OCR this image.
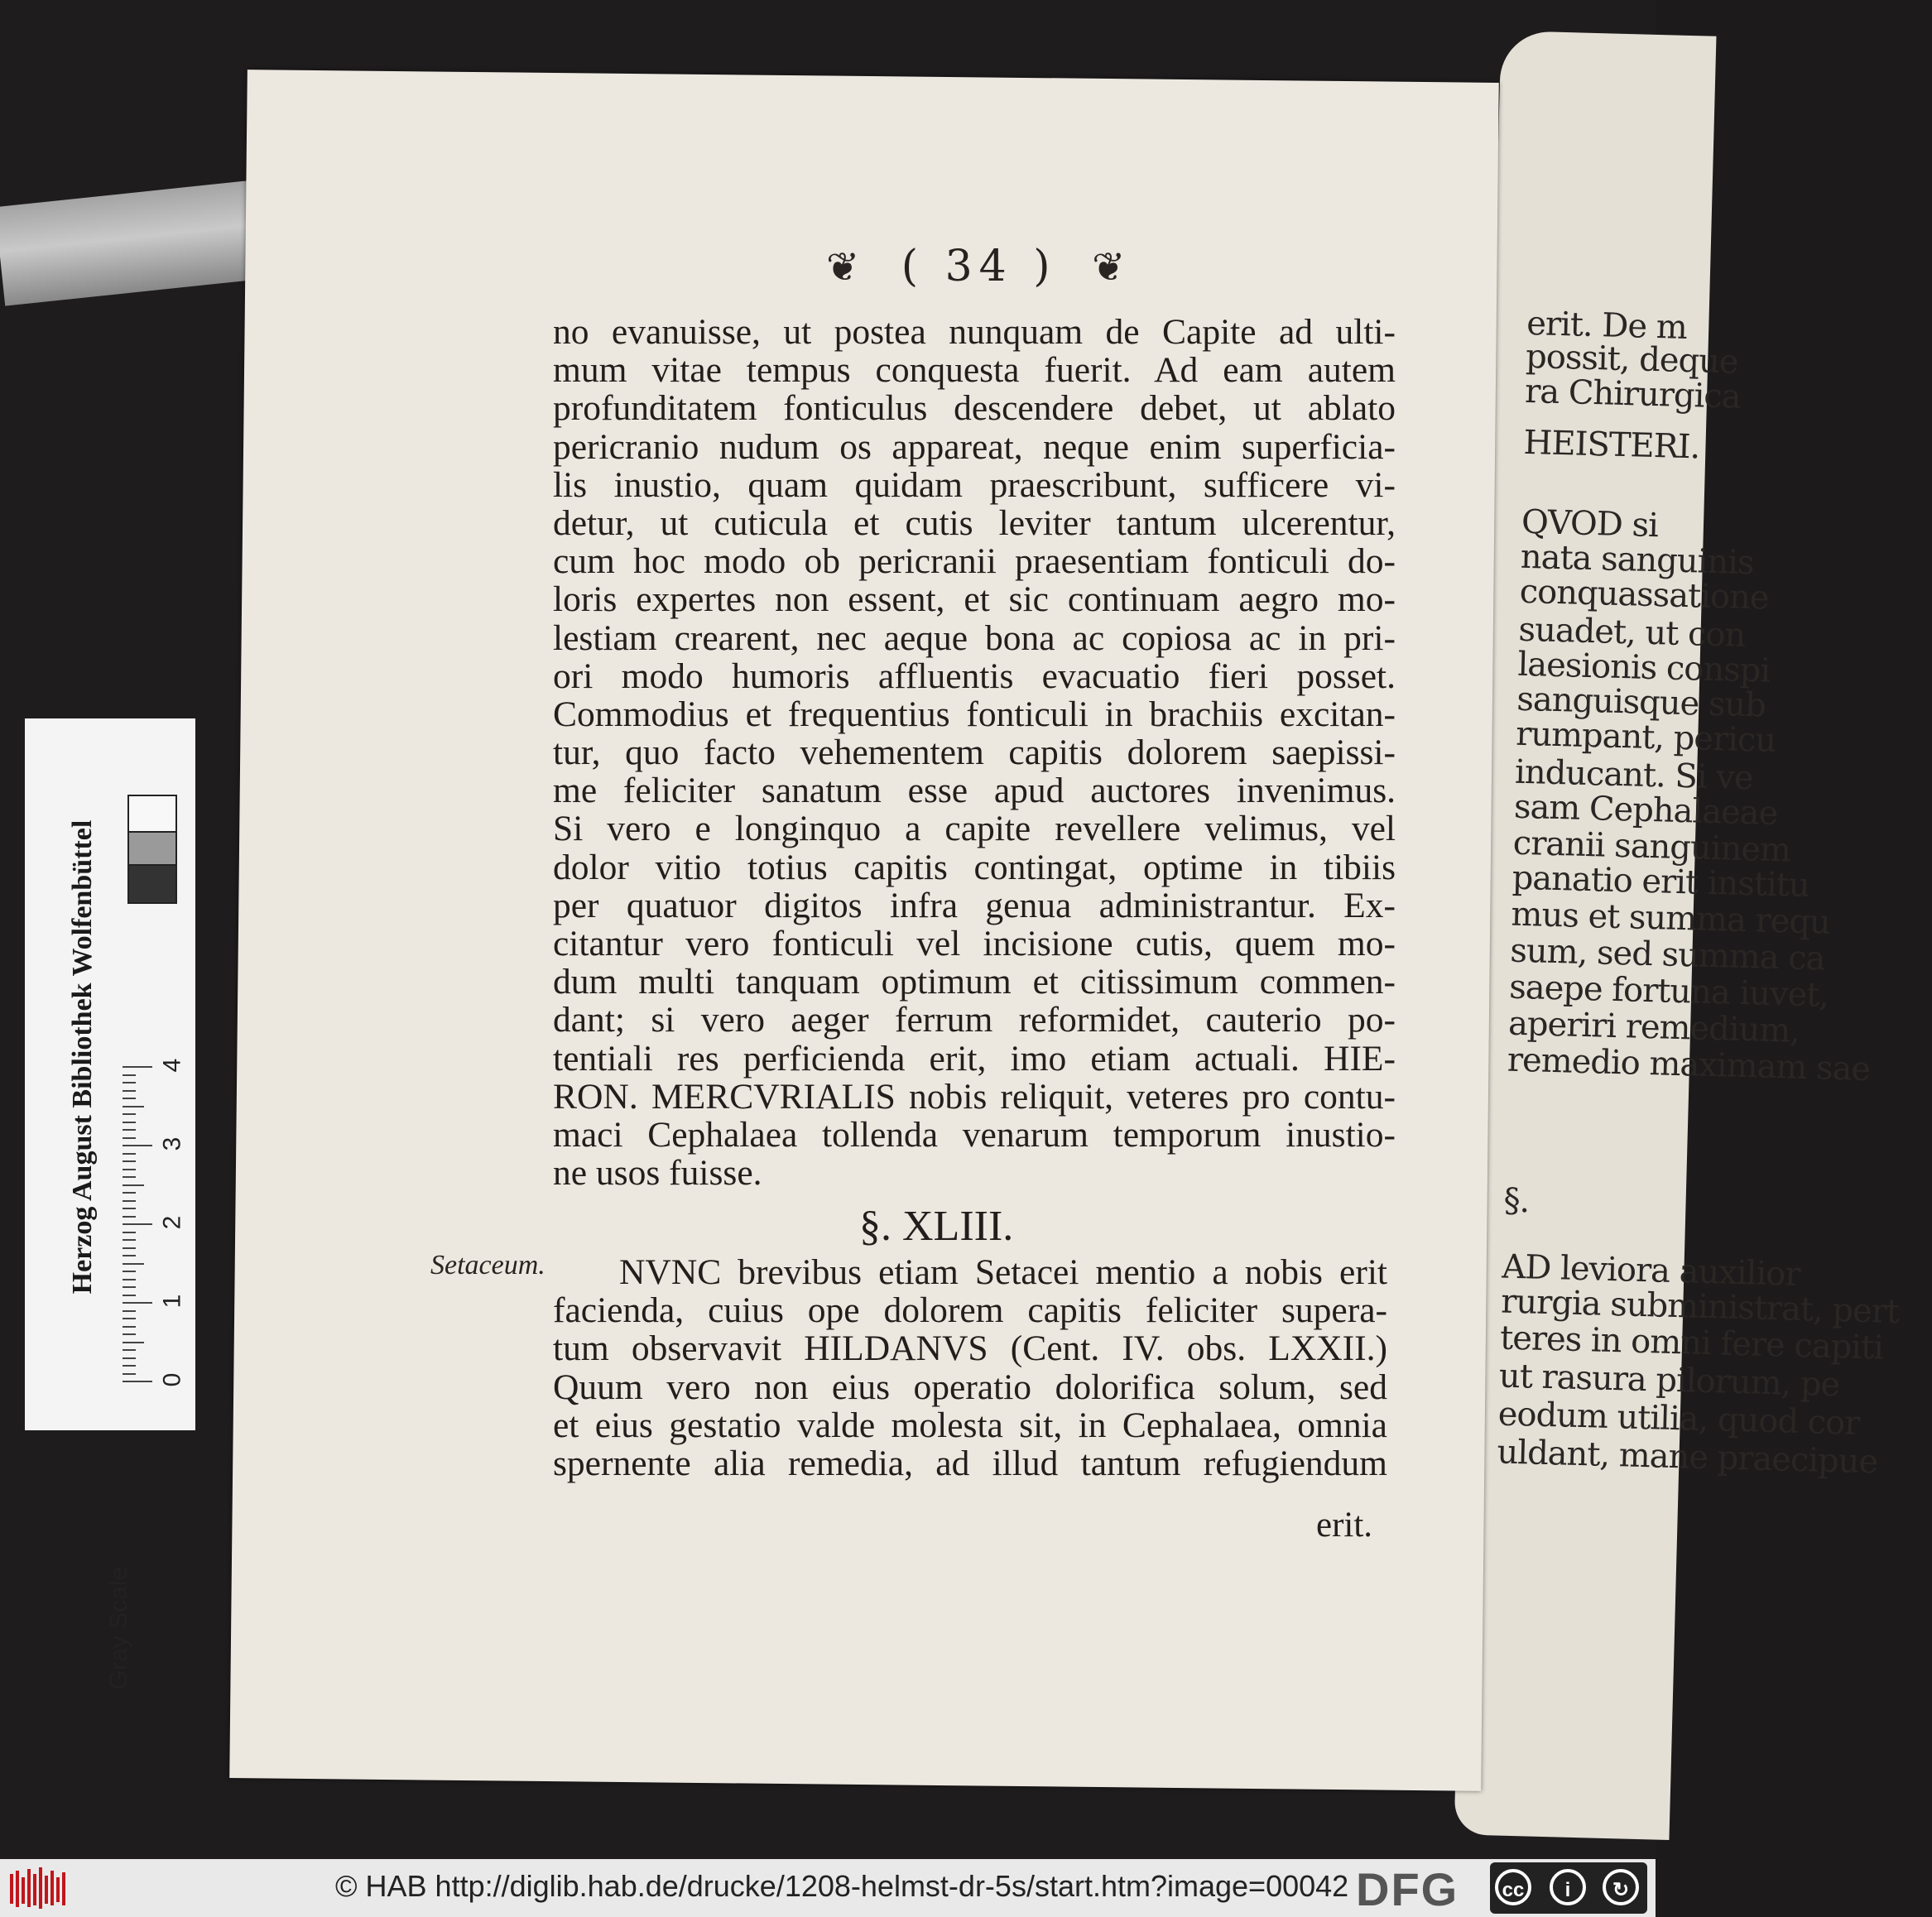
erit. De m
possit, deque
ra Chirurgica
HEISTERI.
QVOD si
nata sanguinis
conquassatione
suadet, ut con
laesionis conspi
sanguisque sub
rumpant, pericu
inducant. Si ve
sam Cephalaeae
cranii sanguinem
panatio erit institu
mus et summa requ
sum, sed summa ca
saepe fortuna iuvet,
aperiri remedium,
remedio maximam sae
§.
AD leviora auxilior
rurgia subministrat, pert
teres in omni fere capiti
ut rasura pilorum, pe
eodum utilia, quod cor
uldant, mane praecipue
❦ ( 34 ) ❦
no evanuisse, ut postea nunquam de Capite ad ulti-
mum vitae tempus conquesta fuerit. Ad eam autem
profunditatem fonticulus descendere debet, ut ablato
pericranio nudum os appareat, neque enim superficia-
lis inustio, quam quidam praescribunt, sufficere vi-
detur, ut cuticula et cutis leviter tantum ulcerentur,
cum hoc modo ob pericranii praesentiam fonticuli do-
loris expertes non essent, et sic continuam aegro mo-
lestiam crearent, nec aeque bona ac copiosa ac in pri-
ori modo humoris affluentis evacuatio fieri posset.
Commodius et frequentius fonticuli in brachiis excitan-
tur, quo facto vehementem capitis dolorem saepissi-
me feliciter sanatum esse apud auctores invenimus.
Si vero e longinquo a capite revellere velimus, vel
dolor vitio totius capitis contingat, optime in tibiis
per quatuor digitos infra genua administrantur. Ex-
citantur vero fonticuli vel incisione cutis, quem mo-
dum multi tanquam optimum et citissimum commen-
dant; si vero aeger ferrum reformidet, cauterio po-
tentiali res perficienda erit, imo etiam actuali. HIE-
RON. MERCVRIALIS nobis reliquit, veteres pro contu-
maci Cephalaea tollenda venarum temporum inustio-
ne usos fuisse.
§. XLIII.
Setaceum.	NVNC brevibus etiam Setacei mentio a nobis erit
facienda, cuius ope dolorem capitis feliciter supera-
tum observavit HILDANVS (Cent. IV. obs. LXXII.)
Quum vero non eius operatio dolorifica solum, sed
et eius gestatio valde molesta sit, in Cephalaea, omnia
spernente alia remedia, ad illud tantum refugiendum
erit.
Herzog August Bibliothek Wolfenbüttel
Gray Scale
0
1
2
3
4
© HAB http://diglib.hab.de/drucke/1208-helmst-dr-5s/start.htm?image=00042 DFG	cc	i	↻
